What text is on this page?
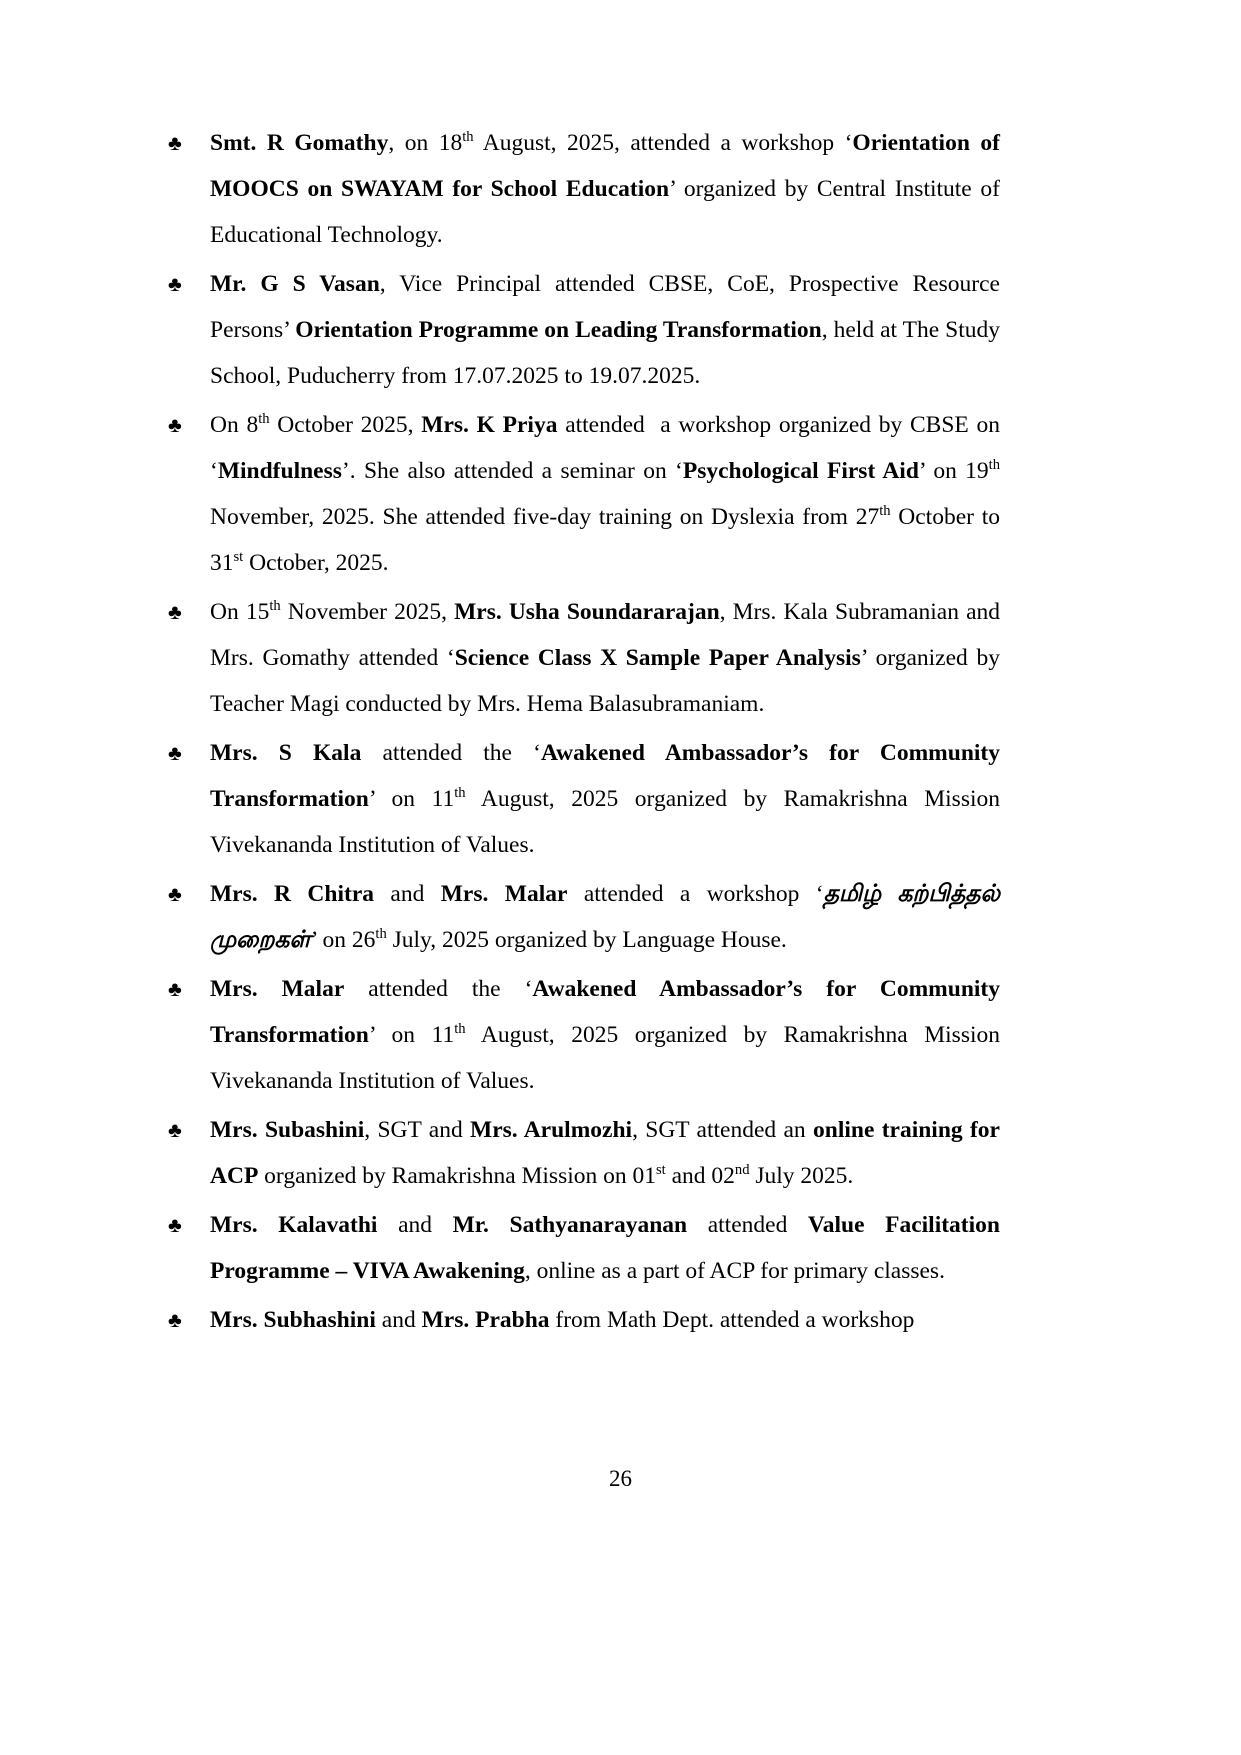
♣ Smt. R Gomathy, on 18th August, 2025, attended a workshop ‘Orientation of MOOCS on SWAYAM for School Education’ organized by Central Institute of Educational Technology.
♣ Mr. G S Vasan, Vice Principal attended CBSE, CoE, Prospective Resource Persons’ Orientation Programme on Leading Transformation, held at The Study School, Puducherry from 17.07.2025 to 19.07.2025.
♣ On 8th October 2025, Mrs. K Priya attended  a workshop organized by CBSE on ‘Mindfulness’. She also attended a seminar on ‘Psychological First Aid’ on 19th November, 2025. She attended five-day training on Dyslexia from 27th October to 31st October, 2025.
♣ On 15th November 2025, Mrs. Usha Soundararajan, Mrs. Kala Subramanian and Mrs. Gomathy attended ‘Science Class X Sample Paper Analysis’ organized by Teacher Magi conducted by Mrs. Hema Balasubramaniam.
♣ Mrs. S Kala attended the ‘Awakened Ambassador’s for Community Transformation’ on 11th August, 2025 organized by Ramakrishna Mission Vivekananda Institution of Values.
♣ Mrs. R Chitra and Mrs. Malar attended a workshop ‘தமிழ் கற்பித்தல் முறைகள்’ on 26th July, 2025 organized by Language House.
♣ Mrs. Malar attended the ‘Awakened Ambassador’s for Community Transformation’ on 11th August, 2025 organized by Ramakrishna Mission Vivekananda Institution of Values.
♣ Mrs. Subashini, SGT and Mrs. Arulmozhi, SGT attended an online training for ACP organized by Ramakrishna Mission on 01st and 02nd July 2025.
♣ Mrs. Kalavathi and Mr. Sathyanarayanan attended Value Facilitation Programme – VIVA Awakening, online as a part of ACP for primary classes.
♣ Mrs. Subhashini and Mrs. Prabha from Math Dept. attended a workshop
26
